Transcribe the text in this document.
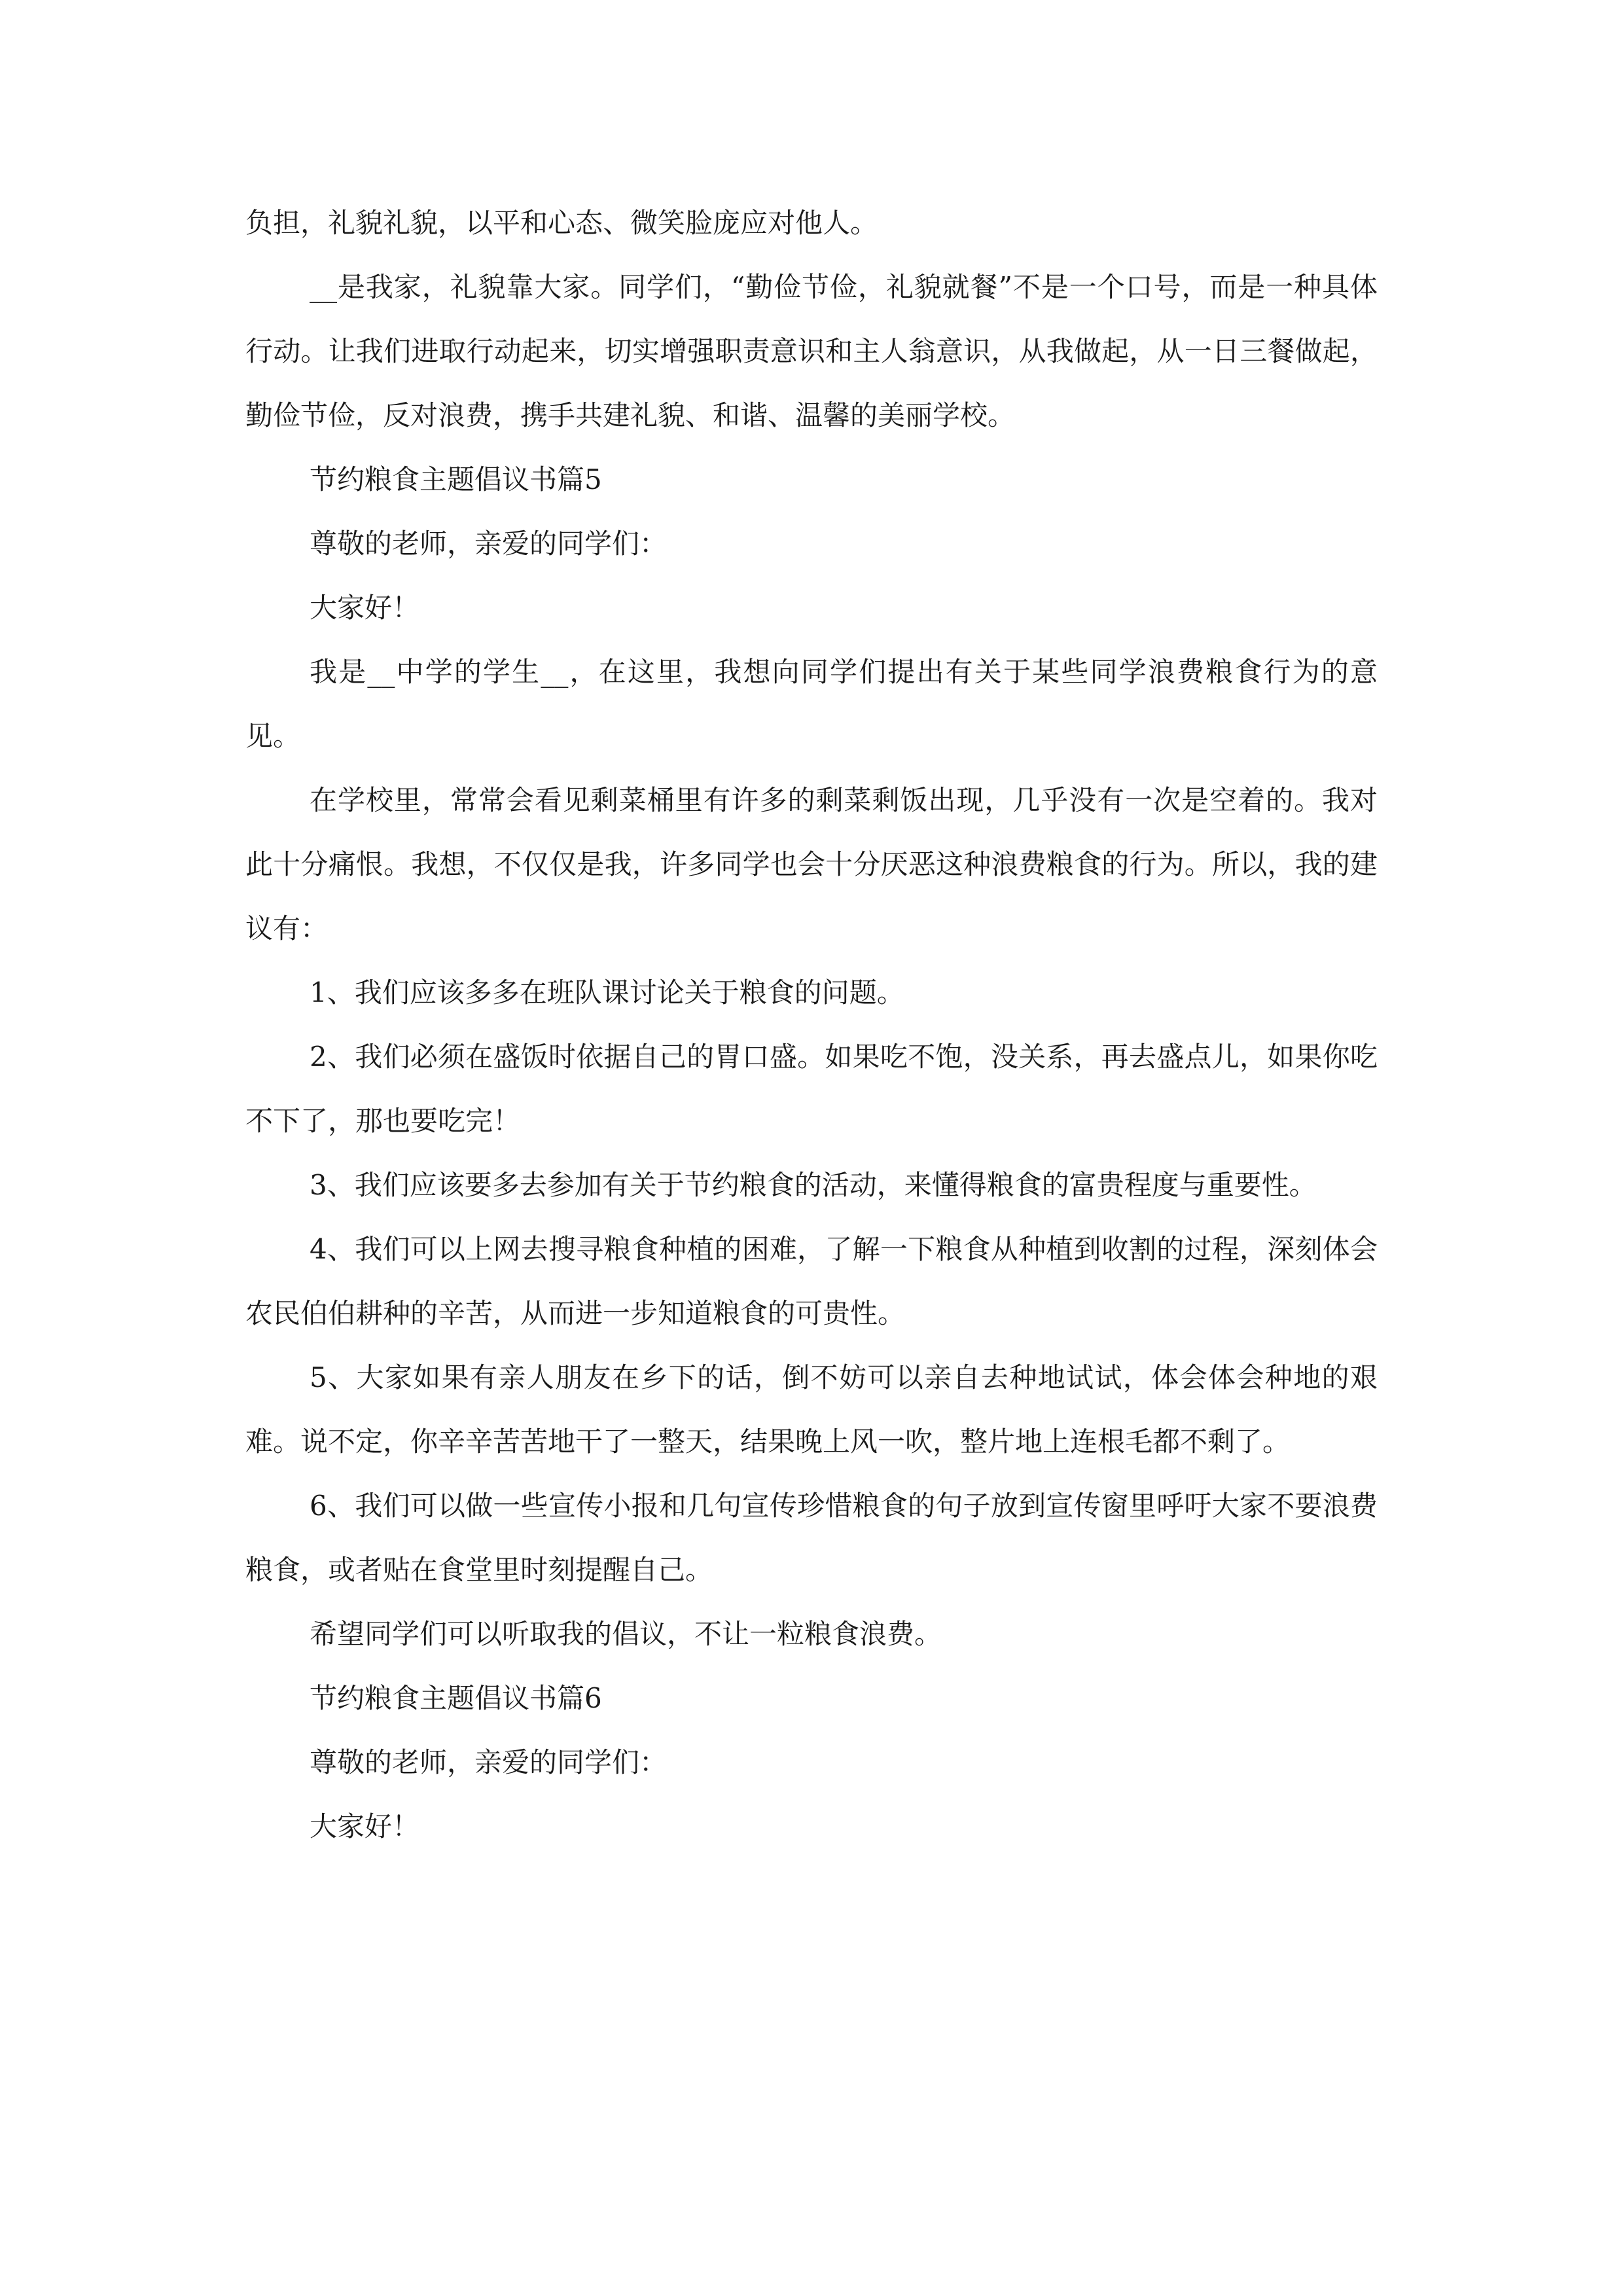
负担，礼貌礼貌，以平和心态、微笑脸庞应对他人。

__是我家，礼貌靠大家。同学们，“勤俭节俭，礼貌就餐”不是一个口号，而是一种具体行动。让我们进取行动起来，切实增强职责意识和主人翁意识，从我做起，从一日三餐做起，勤俭节俭，反对浪费，携手共建礼貌、和谐、温馨的美丽学校。

节约粮食主题倡议书篇5

尊敬的老师，亲爱的同学们：

大家好！

我是__中学的学生__，在这里，我想向同学们提出有关于某些同学浪费粮食行为的意见。

在学校里，常常会看见剩菜桶里有许多的剩菜剩饭出现，几乎没有一次是空着的。我对此十分痛恨。我想，不仅仅是我，许多同学也会十分厌恶这种浪费粮食的行为。所以，我的建议有：

1、我们应该多多在班队课讨论关于粮食的问题。

2、我们必须在盛饭时依据自己的胃口盛。如果吃不饱，没关系，再去盛点儿，如果你吃不下了，那也要吃完！

3、我们应该要多去参加有关于节约粮食的活动，来懂得粮食的富贵程度与重要性。

4、我们可以上网去搜寻粮食种植的困难，了解一下粮食从种植到收割的过程，深刻体会农民伯伯耕种的辛苦，从而进一步知道粮食的可贵性。

5、大家如果有亲人朋友在乡下的话，倒不妨可以亲自去种地试试，体会体会种地的艰难。说不定，你辛辛苦苦地干了一整天，结果晚上风一吹，整片地上连根毛都不剩了。

6、我们可以做一些宣传小报和几句宣传珍惜粮食的句子放到宣传窗里呼吁大家不要浪费粮食，或者贴在食堂里时刻提醒自己。

希望同学们可以听取我的倡议，不让一粒粮食浪费。

节约粮食主题倡议书篇6

尊敬的老师，亲爱的同学们：

大家好！
